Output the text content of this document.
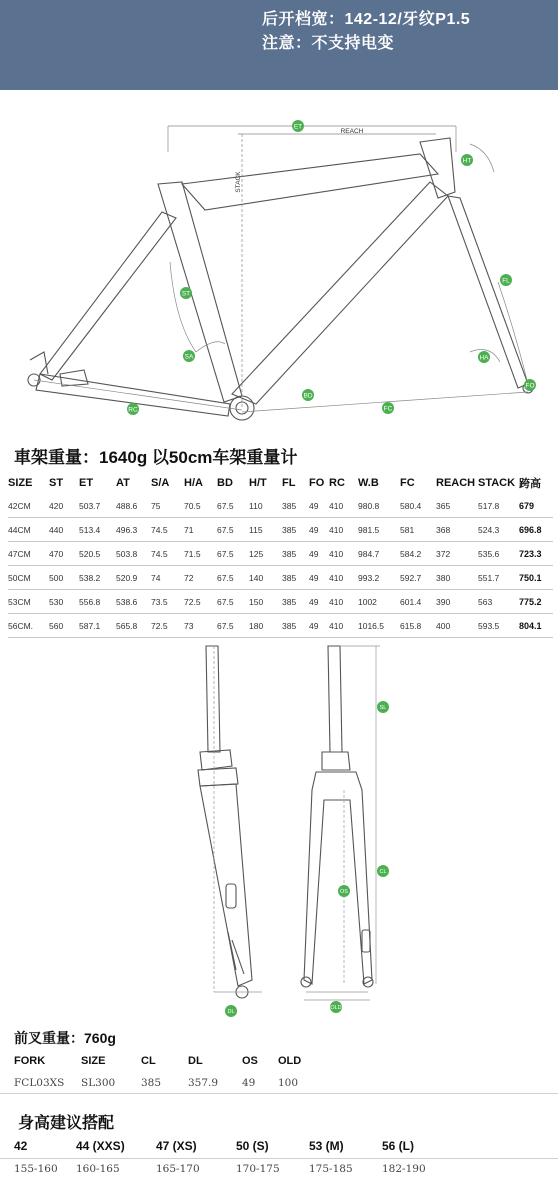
后开档宽：142-12/牙纹P1.5
注意：不支持电变
ET
REACH
STACK
HT
FL
ST
SA	HA
BD
RC	FC
FO
車架重量：1640g 以50cm车架重量计
SIZE	ST	ET	AT	S/A	H/A	BD	H/T	FL	FO	RC	W.B	FC	REACH	STACK	跨高
42CM	420	503.7	488.6	75	70.5	67.5	110	385	49	410	980.8	580.4	365	517.8	679
44CM	440	513.4	496.3	74.5	71	67.5	115	385	49	410	981.5	581	368	524.3	696.8
47CM	470	520.5	503.8	74.5	71.5	67.5	125	385	49	410	984.7	584.2	372	535.6	723.3
50CM	500	538.2	520.9	74	72	67.5	140	385	49	410	993.2	592.7	380	551.7	750.1
53CM	530	556.8	538.6	73.5	72.5	67.5	150	385	49	410	1002	601.4	390	563	775.2
56CM.	560	587.1	565.8	72.5	73	67.5	180	385	49	410	1016.5	615.8	400	593.5	804.1
SL
CL
OS
DL
OLD
前叉重量：760g
FORK	SIZE	CL	DL	OS	OLD
FCL03XS	SL300	385	357.9	49	100
身高建议搭配
42	44 (XXS)	47 (XS)	50 (S)	53 (M)	56 (L)
155-160	160-165	165-170	170-175	175-185	182-190
